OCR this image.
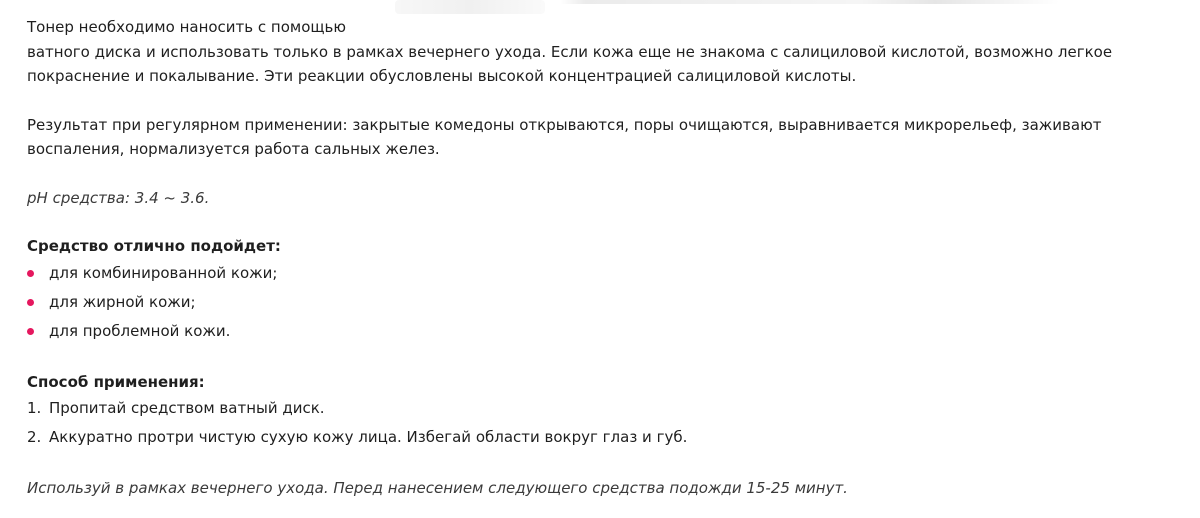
Тонер необходимо наносить с помощью

ватного диска и использовать только в рамках вечернего ухода. Если кожа еще не знакома с салициловой кислотой, возможно легкое покраснение и покалывание. Эти реакции обусловлены высокой концентрацией салициловой кислоты.

Результат при регулярном применении: закрытые комедоны открываются, поры очищаются, выравнивается микрорельеф, заживают воспаления, нормализуется работа сальных желез.

pH средства: 3.4 ~ 3.6.

Средство отлично подойдет:

для комбинированной кожи;
для жирной кожи;
для проблемной кожи.

Способ применения:

1. Пропитай средством ватный диск.
2. Аккуратно протри чистую сухую кожу лица. Избегай области вокруг глаз и губ.

Используй в рамках вечернего ухода. Перед нанесением следующего средства подожди 15-25 минут.
